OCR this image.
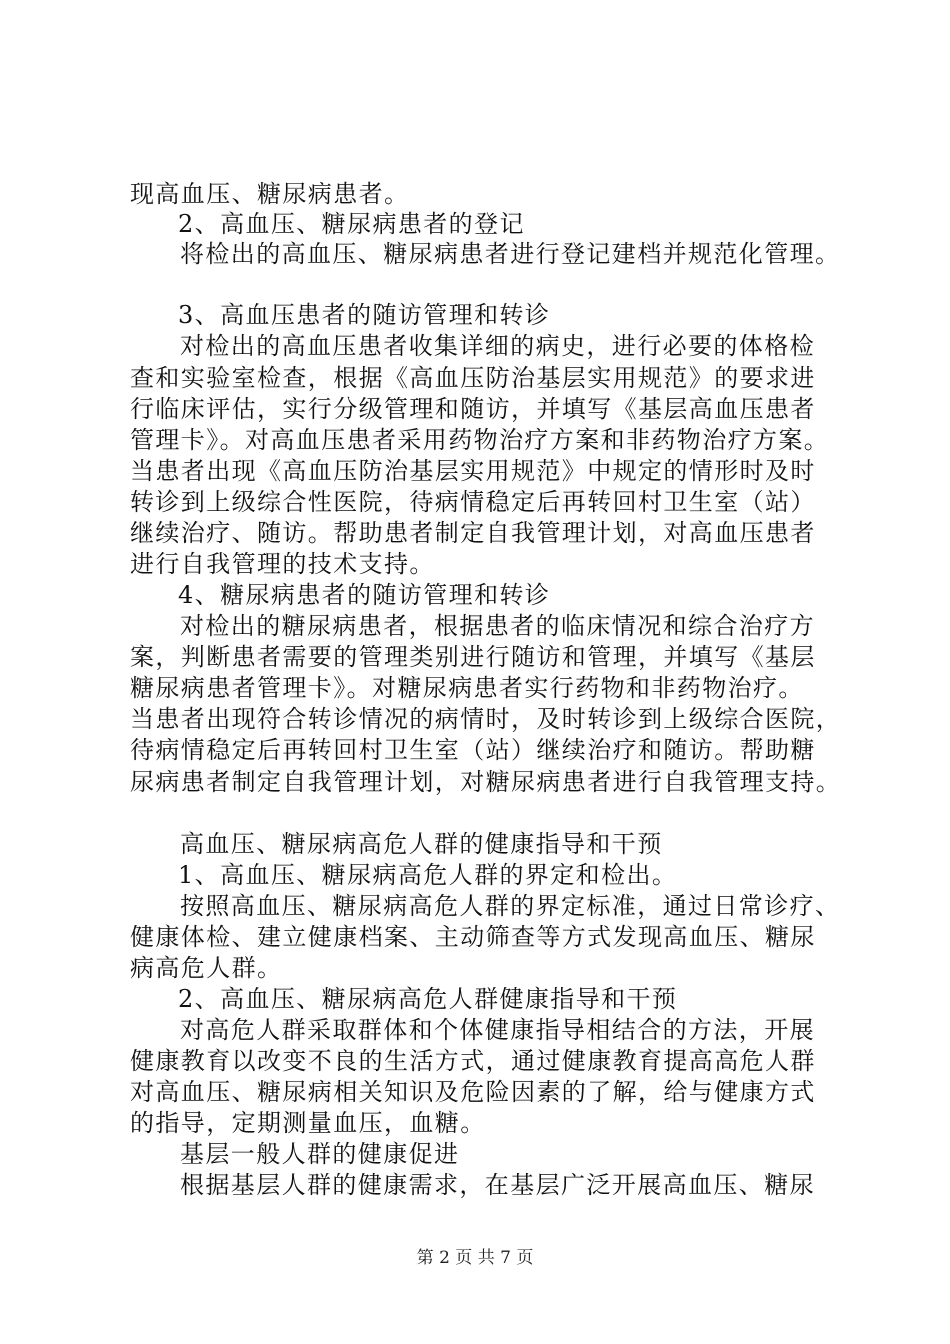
现高血压、糖尿病患者。
2、高血压、糖尿病患者的登记
将检出的高血压、糖尿病患者进行登记建档并规范化管理。
3、高血压患者的随访管理和转诊
对检出的高血压患者收集详细的病史，进行必要的体格检
查和实验室检查，根据《高血压防治基层实用规范》的要求进
行临床评估，实行分级管理和随访，并填写《基层高血压患者
管理卡》。对高血压患者采用药物治疗方案和非药物治疗方案。
当患者出现《高血压防治基层实用规范》中规定的情形时及时
转诊到上级综合性医院，待病情稳定后再转回村卫生室（站）
继续治疗、随访。帮助患者制定自我管理计划，对高血压患者
进行自我管理的技术支持。
4、糖尿病患者的随访管理和转诊
对检出的糖尿病患者，根据患者的临床情况和综合治疗方
案，判断患者需要的管理类别进行随访和管理，并填写《基层
糖尿病患者管理卡》。对糖尿病患者实行药物和非药物治疗。
当患者出现符合转诊情况的病情时，及时转诊到上级综合医院，
待病情稳定后再转回村卫生室（站）继续治疗和随访。帮助糖
尿病患者制定自我管理计划，对糖尿病患者进行自我管理支持。
高血压、糖尿病高危人群的健康指导和干预
1、高血压、糖尿病高危人群的界定和检出。
按照高血压、糖尿病高危人群的界定标准，通过日常诊疗、
健康体检、建立健康档案、主动筛查等方式发现高血压、糖尿
病高危人群。
2、高血压、糖尿病高危人群健康指导和干预
对高危人群采取群体和个体健康指导相结合的方法，开展
健康教育以改变不良的生活方式，通过健康教育提高高危人群
对高血压、糖尿病相关知识及危险因素的了解，给与健康方式
的指导，定期测量血压，血糖。
基层一般人群的健康促进
根据基层人群的健康需求，在基层广泛开展高血压、糖尿
第 2 页 共 7 页
